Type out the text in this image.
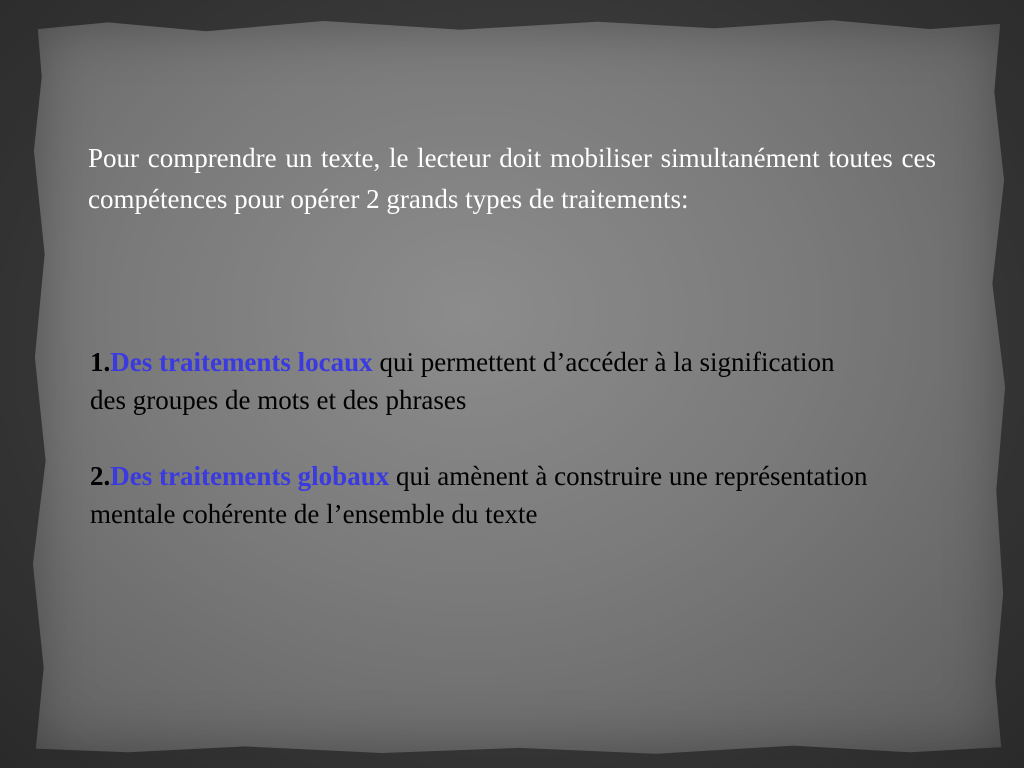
Pour comprendre un texte, le lecteur doit mobiliser simultanément toutes ces compétences pour opérer 2 grands types de traitements:

1.Des traitements locaux qui permettent d’accéder à la signification des groupes de mots et des phrases
2.Des traitements globaux qui amènent à construire une représentation mentale cohérente de l’ensemble du texte
